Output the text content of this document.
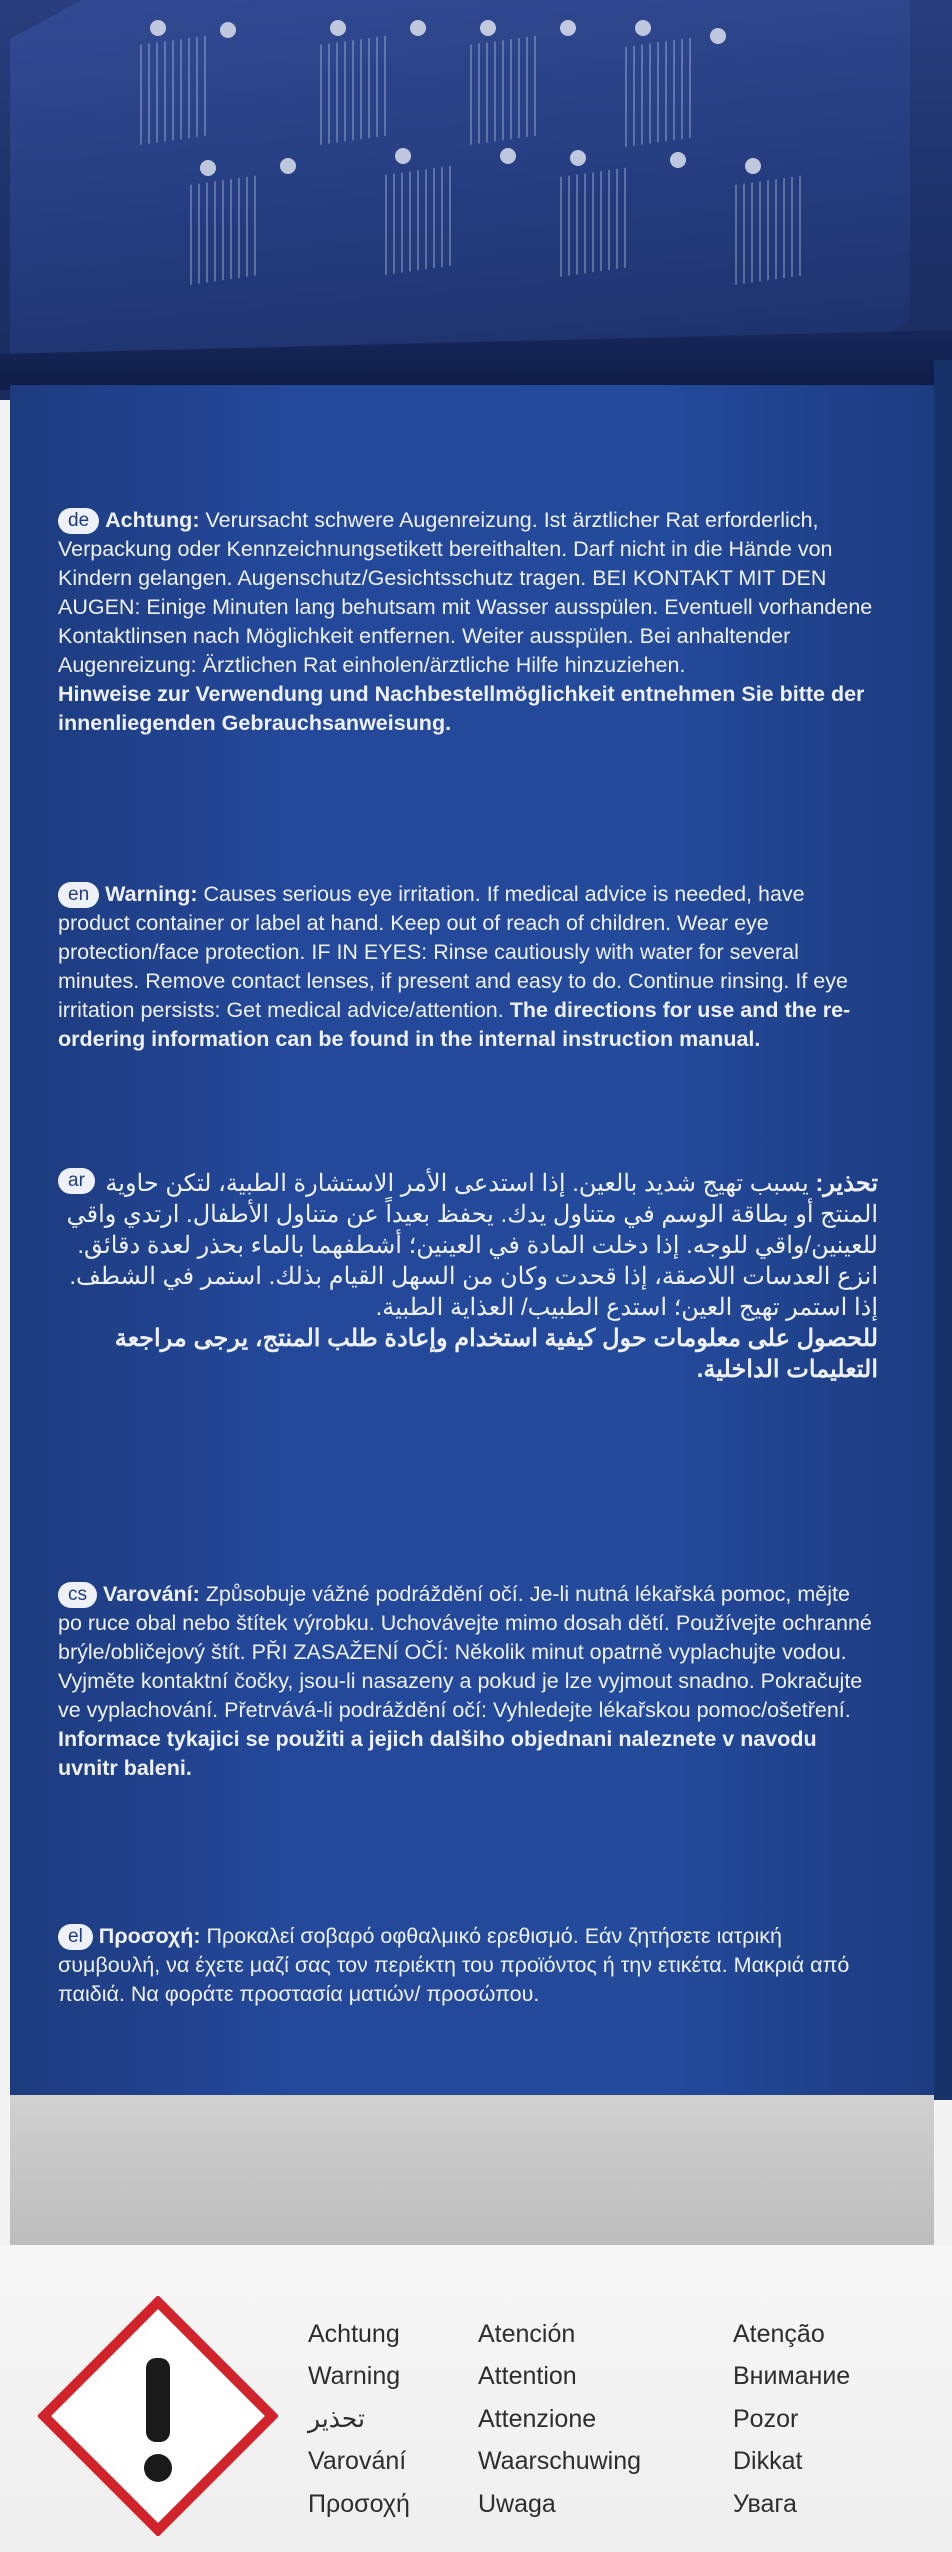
de Achtung: Verursacht schwere Augenreizung. Ist ärztlicher Rat erforderlich, Verpackung oder Kennzeichnungsetikett bereithalten. Darf nicht in die Hände von Kindern gelangen. Augenschutz/Gesichtsschutz tragen. BEI KONTAKT MIT DEN AUGEN: Einige Minuten lang behutsam mit Wasser ausspülen. Eventuell vorhandene Kontaktlinsen nach Möglichkeit entfernen. Weiter ausspülen. Bei anhaltender Augenreizung: Ärztlichen Rat einholen/ärztliche Hilfe hinzuziehen.
Hinweise zur Verwendung und Nachbestellmöglichkeit entnehmen Sie bitte der innenliegenden Gebrauchsanweisung.
en Warning: Causes serious eye irritation. If medical advice is needed, have product container or label at hand. Keep out of reach of children. Wear eye protection/face protection. IF IN EYES: Rinse cautiously with water for several minutes. Remove contact lenses, if present and easy to do. Continue rinsing. If eye irritation persists: Get medical advice/attention. The directions for use and the re-ordering information can be found in the internal instruction manual.
ar	تحذير: يسبب تهيج شديد بالعين. إذا استدعى الأمر الاستشارة الطبية، لتكن حاوية المنتج أو بطاقة الوسم في متناول يدك. يحفظ بعيداً عن متناول الأطفال. ارتدي واقي للعينين/واقي للوجه. إذا دخلت المادة في العينين؛ أشطفهما بالماء بحذر لعدة دقائق. انزع العدسات اللاصقة، إذا قحدت وكان من السهل القيام بذلك. استمر في الشطف. إذا استمر تهيج العين؛ استدع الطبيب/ العذاية الطبية.
للحصول على معلومات حول كيفية استخدام وإعادة طلب المنتج، يرجى مراجعة التعليمات الداخلية.
cs Varování: Způsobuje vážné podráždění očí. Je-li nutná lékařská pomoc, mějte po ruce obal nebo štítek výrobku. Uchovávejte mimo dosah dětí. Používejte ochranné brýle/obličejový štít. PŘI ZASAŽENÍ OČÍ: Několik minut opatrně vyplachujte vodou. Vyjměte kontaktní čočky, jsou-li nasazeny a pokud je lze vyjmout snadno. Pokračujte ve vyplachování. Přetrvává-li podráždění očí: Vyhledejte lékařskou pomoc/ošetření.
Informace tykajici se použiti a jejich dalšiho objednani naleznete v navodu uvnitr baleni.
el Προσοχή: Προκαλεί σοβαρό οφθαλμικό ερεθισμό. Εάν ζητήσετε ιατρική συμβουλή, να έχετε μαζί σας τον περιέκτη του προϊόντος ή την ετικέτα. Μακριά από παιδιά. Να φοράτε προστασία ματιών/ προσώπου.
Achtung	Atención	Atenção
Warning	Attention	Внимание
تحذير	Attenzione	Pozor
Varování	Waarschuwing	Dikkat
Προσοχή	Uwaga	Увага
